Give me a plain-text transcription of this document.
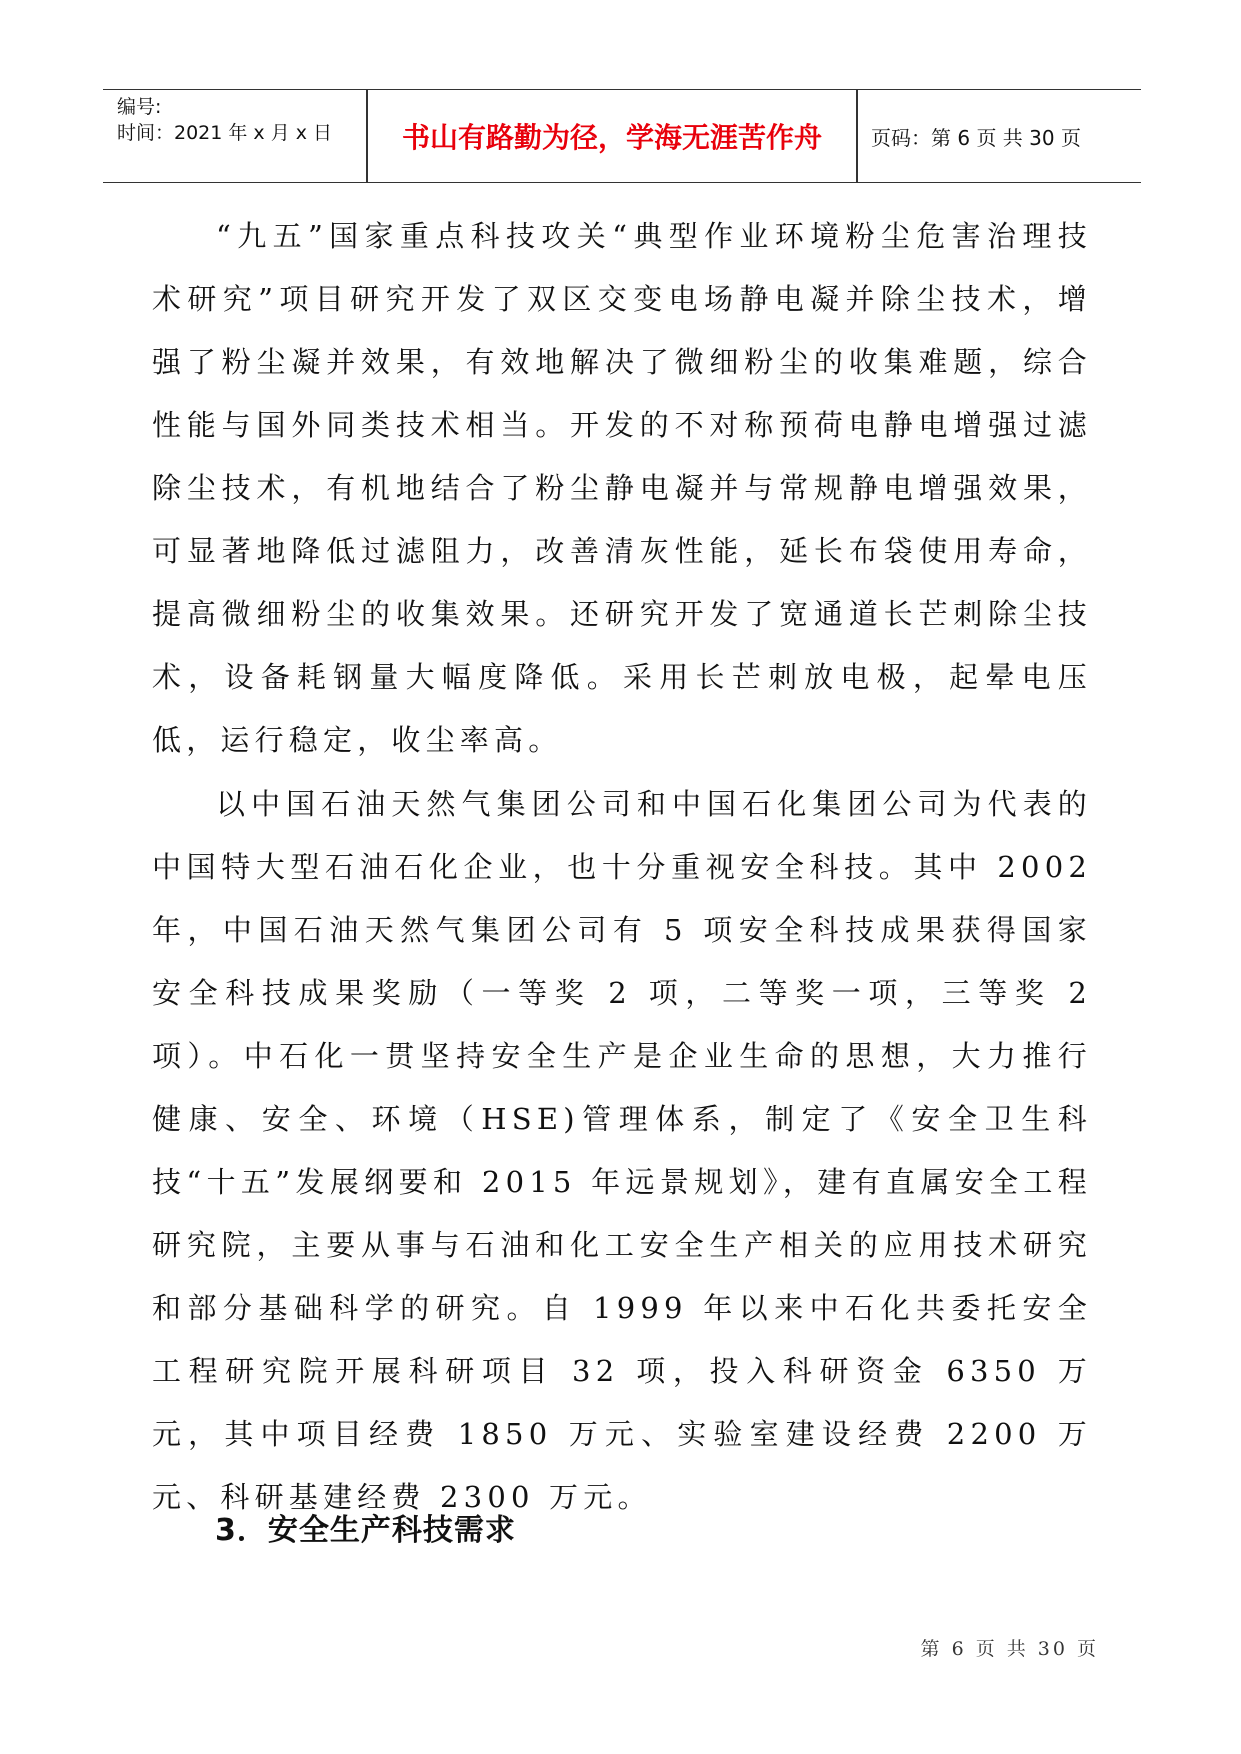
编号:
时间：2021 年 x 月 x 日	书山有路勤为径，学海无涯苦作舟	页码：第 6 页 共 30 页

“九五”国家重点科技攻关“典型作业环境粉尘危害治理技术研究”项目研究开发了双区交变电场静电凝并除尘技术，增强了粉尘凝并效果，有效地解决了微细粉尘的收集难题，综合性能与国外同类技术相当。开发的不对称预荷电静电增强过滤除尘技术，有机地结合了粉尘静电凝并与常规静电增强效果，可显著地降低过滤阻力，改善清灰性能，延长布袋使用寿命，提高微细粉尘的收集效果。还研究开发了宽通道长芒刺除尘技术，设备耗钢量大幅度降低。采用长芒刺放电极，起晕电压低，运行稳定，收尘率高。

以中国石油天然气集团公司和中国石化集团公司为代表的中国特大型石油石化企业，也十分重视安全科技。其中 2002 年，中国石油天然气集团公司有 5 项安全科技成果获得国家安全科技成果奖励（一等奖 2 项，二等奖一项，三等奖 2 项）。中石化一贯坚持安全生产是企业生命的思想，大力推行健康、安全、环境（HSE)管理体系，制定了《安全卫生科技“十五”发展纲要和 2015 年远景规划》，建有直属安全工程研究院，主要从事与石油和化工安全生产相关的应用技术研究和部分基础科学的研究。自 1999 年以来中石化共委托安全工程研究院开展科研项目 32 项，投入科研资金 6350 万元，其中项目经费 1850 万元、实验室建设经费 2200 万元、科研基建经费 2300 万元。

3．安全生产科技需求
第 6 页 共 30 页
